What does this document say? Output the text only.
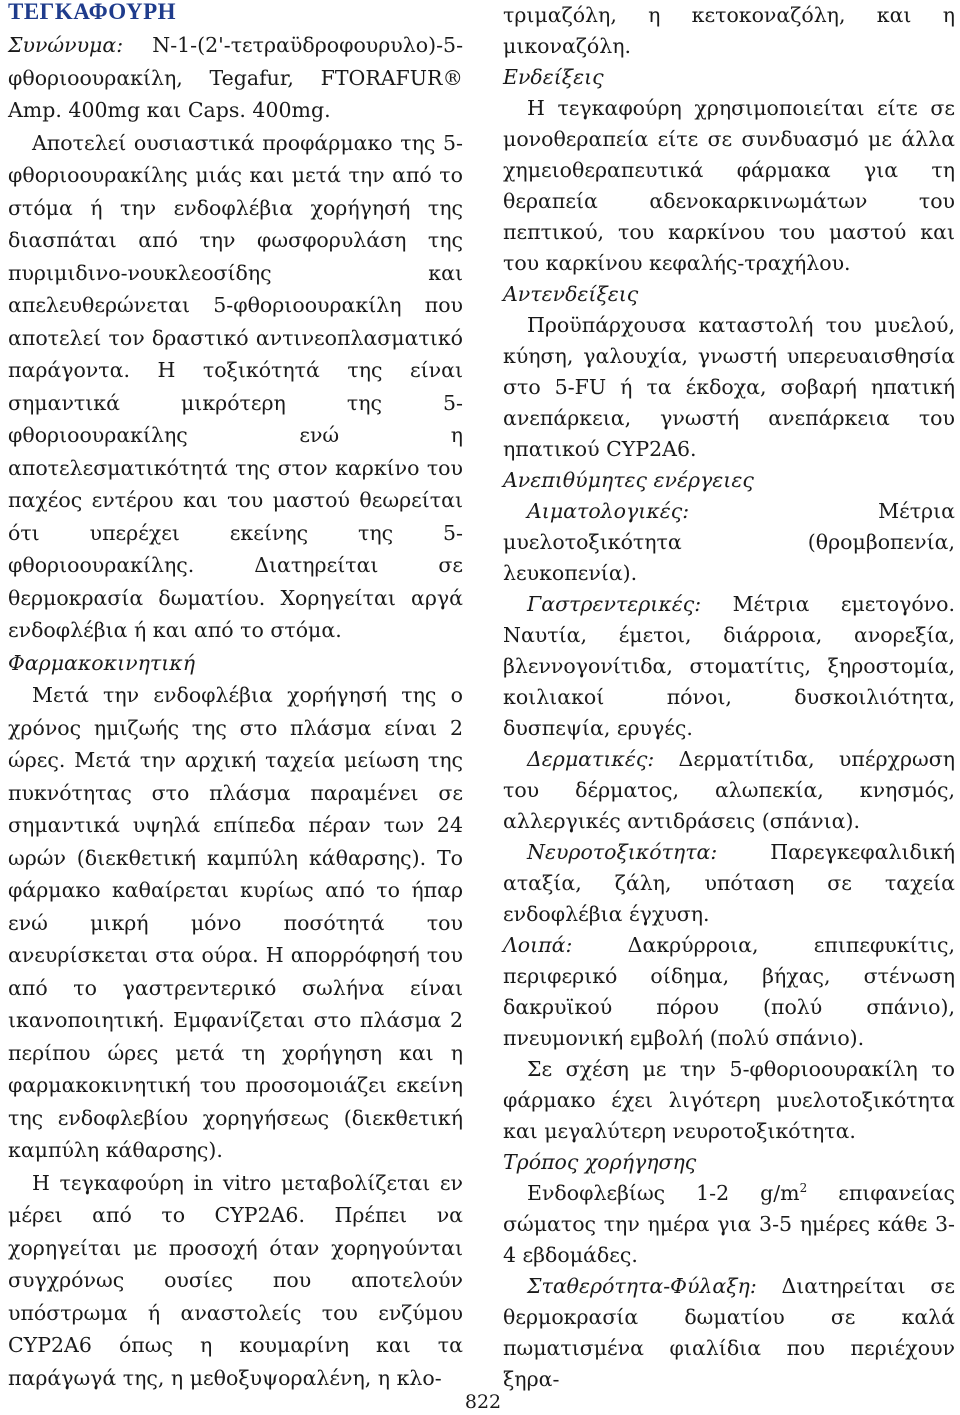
ΤΕΓΚΑΦΟΥΡΗ

Συνώνυμα: N-1-(2'-τετραϋδροφουρυλο)-5-φθοριοουρακίλη, Tegafur, FTORAFUR® Amp. 400mg και Caps. 400mg.

Αποτελεί ουσιαστικά προφάρμακο της 5-φθοριοουρακίλης μιάς και μετά την από το στόμα ή την ενδοφλέβια χορήγησή της διασπάται από την φωσφορυλάση της πυριμιδινο-νουκλεοσίδης και απελευθερώνεται 5-φθοριοουρακίλη που αποτελεί τον δραστικό αντινεοπλασματικό παράγοντα. Η τοξικότητά της είναι σημαντικά μικρότερη της 5-φθοριοουρακίλης ενώ η αποτελεσματικότητά της στον καρκίνο του παχέος εντέρου και του μαστού θεωρείται ότι υπερέχει εκείνης της 5-φθοριοουρακίλης. Διατηρείται σε θερμοκρασία δωματίου. Χορηγείται αργά ενδοφλέβια ή και από το στόμα.

Φαρμακοκινητική

Μετά την ενδοφλέβια χορήγησή της ο χρόνος ημιζωής της στο πλάσμα είναι 2 ώρες. Μετά την αρχική ταχεία μείωση της πυκνότητας στο πλάσμα παραμένει σε σημαντικά υψηλά επίπεδα πέραν των 24 ωρών (διεκθετική καμπύλη κάθαρσης). Το φάρμακο καθαίρεται κυρίως από το ήπαρ ενώ μικρή μόνο ποσότητά του ανευρίσκεται στα ούρα. Η απορρόφησή του από το γαστρεντερικό σωλήνα είναι ικανοποιητική. Εμφανίζεται στο πλάσμα 2 περίπου ώρες μετά τη χορήγηση και η φαρμακοκινητική του προσομοιάζει εκείνη της ενδοφλεβίου χορηγήσεως (διεκθετική καμπύλη κάθαρσης).

Η τεγκαφούρη in vitro μεταβολίζεται εν μέρει από το CYP2A6. Πρέπει να χορηγείται με προσοχή όταν χορηγούνται συγχρόνως ουσίες που αποτελούν υπόστρωμα ή αναστολείς του ενζύμου CYP2A6 όπως η κουμαρίνη και τα παράγωγά της, η μεθοξυψοραλένη, η κλο-

τριμαζόλη, η κετοκοναζόλη, και η μικοναζόλη.

Ενδείξεις

Η τεγκαφούρη χρησιμοποιείται είτε σε μονοθεραπεία είτε σε συνδυασμό με άλλα χημειοθεραπευτικά φάρμακα για τη θεραπεία αδενοκαρκινωμάτων του πεπτικού, του καρκίνου του μαστού και του καρκίνου κεφαλής-τραχήλου.

Αντενδείξεις

Προϋπάρχουσα καταστολή του μυελού, κύηση, γαλουχία, γνωστή υπερευαισθησία στο 5-FU ή τα έκδοχα, σοβαρή ηπατική ανεπάρκεια, γνωστή ανεπάρκεια του ηπατικού CYP2A6.

Ανεπιθύμητες ενέργειες

Αιματολογικές: Μέτρια μυελοτοξικότητα (θρομβοπενία, λευκοπενία).

Γαστρεντερικές: Μέτρια εμετογόνο. Ναυτία, έμετοι, διάρροια, ανορεξία, βλεννογονίτιδα, στοματίτις, ξηροστομία, κοιλιακοί πόνοι, δυσκοιλιότητα, δυσπεψία, ερυγές.

Δερματικές: Δερματίτιδα, υπέρχρωση του δέρματος, αλωπεκία, κνησμός, αλλεργικές αντιδράσεις (σπάνια).

Νευροτοξικότητα: Παρεγκεφαλιδική αταξία, ζάλη, υπόταση σε ταχεία ενδοφλέβια έγχυση.

Λοιπά: Δακρύρροια, επιπεφυκίτις, περιφερικό οίδημα, βήχας, στένωση δακρυϊκού πόρου (πολύ σπάνιο), πνευμονική εμβολή (πολύ σπάνιο).

Σε σχέση με την 5-φθοριοουρακίλη το φάρμακο έχει λιγότερη μυελοτοξικότητα και μεγαλύτερη νευροτοξικότητα.

Τρόπος χορήγησης

Ενδοφλεβίως 1-2 $g/m^2$ επιφανείας σώματος την ημέρα για 3-5 ημέρες κάθε 3-4 εβδομάδες.

Σταθερότητα-Φύλαξη: Διατηρείται σε θερμοκρασία δωματίου σε καλά πωματισμένα φιαλίδια που περιέχουν ξηρα-

822
